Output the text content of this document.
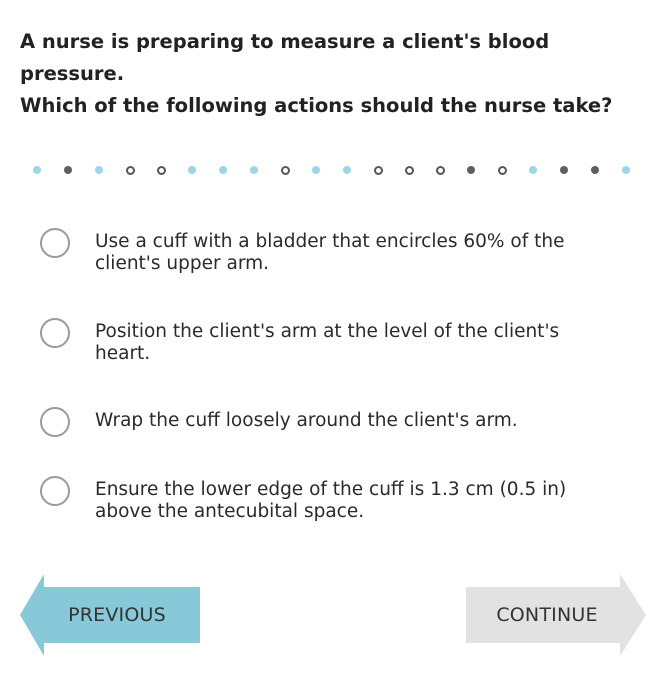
A nurse is preparing to measure a client's blood pressure.
Which of the following actions should the nurse take?
Use a cuff with a bladder that encircles 60% of the
client's upper arm.
Position the client's arm at the level of the client's
heart.
Wrap the cuff loosely around the client's arm.
Ensure the lower edge of the cuff is 1.3 cm (0.5 in)
above the antecubital space.
PREVIOUS	CONTINUE
